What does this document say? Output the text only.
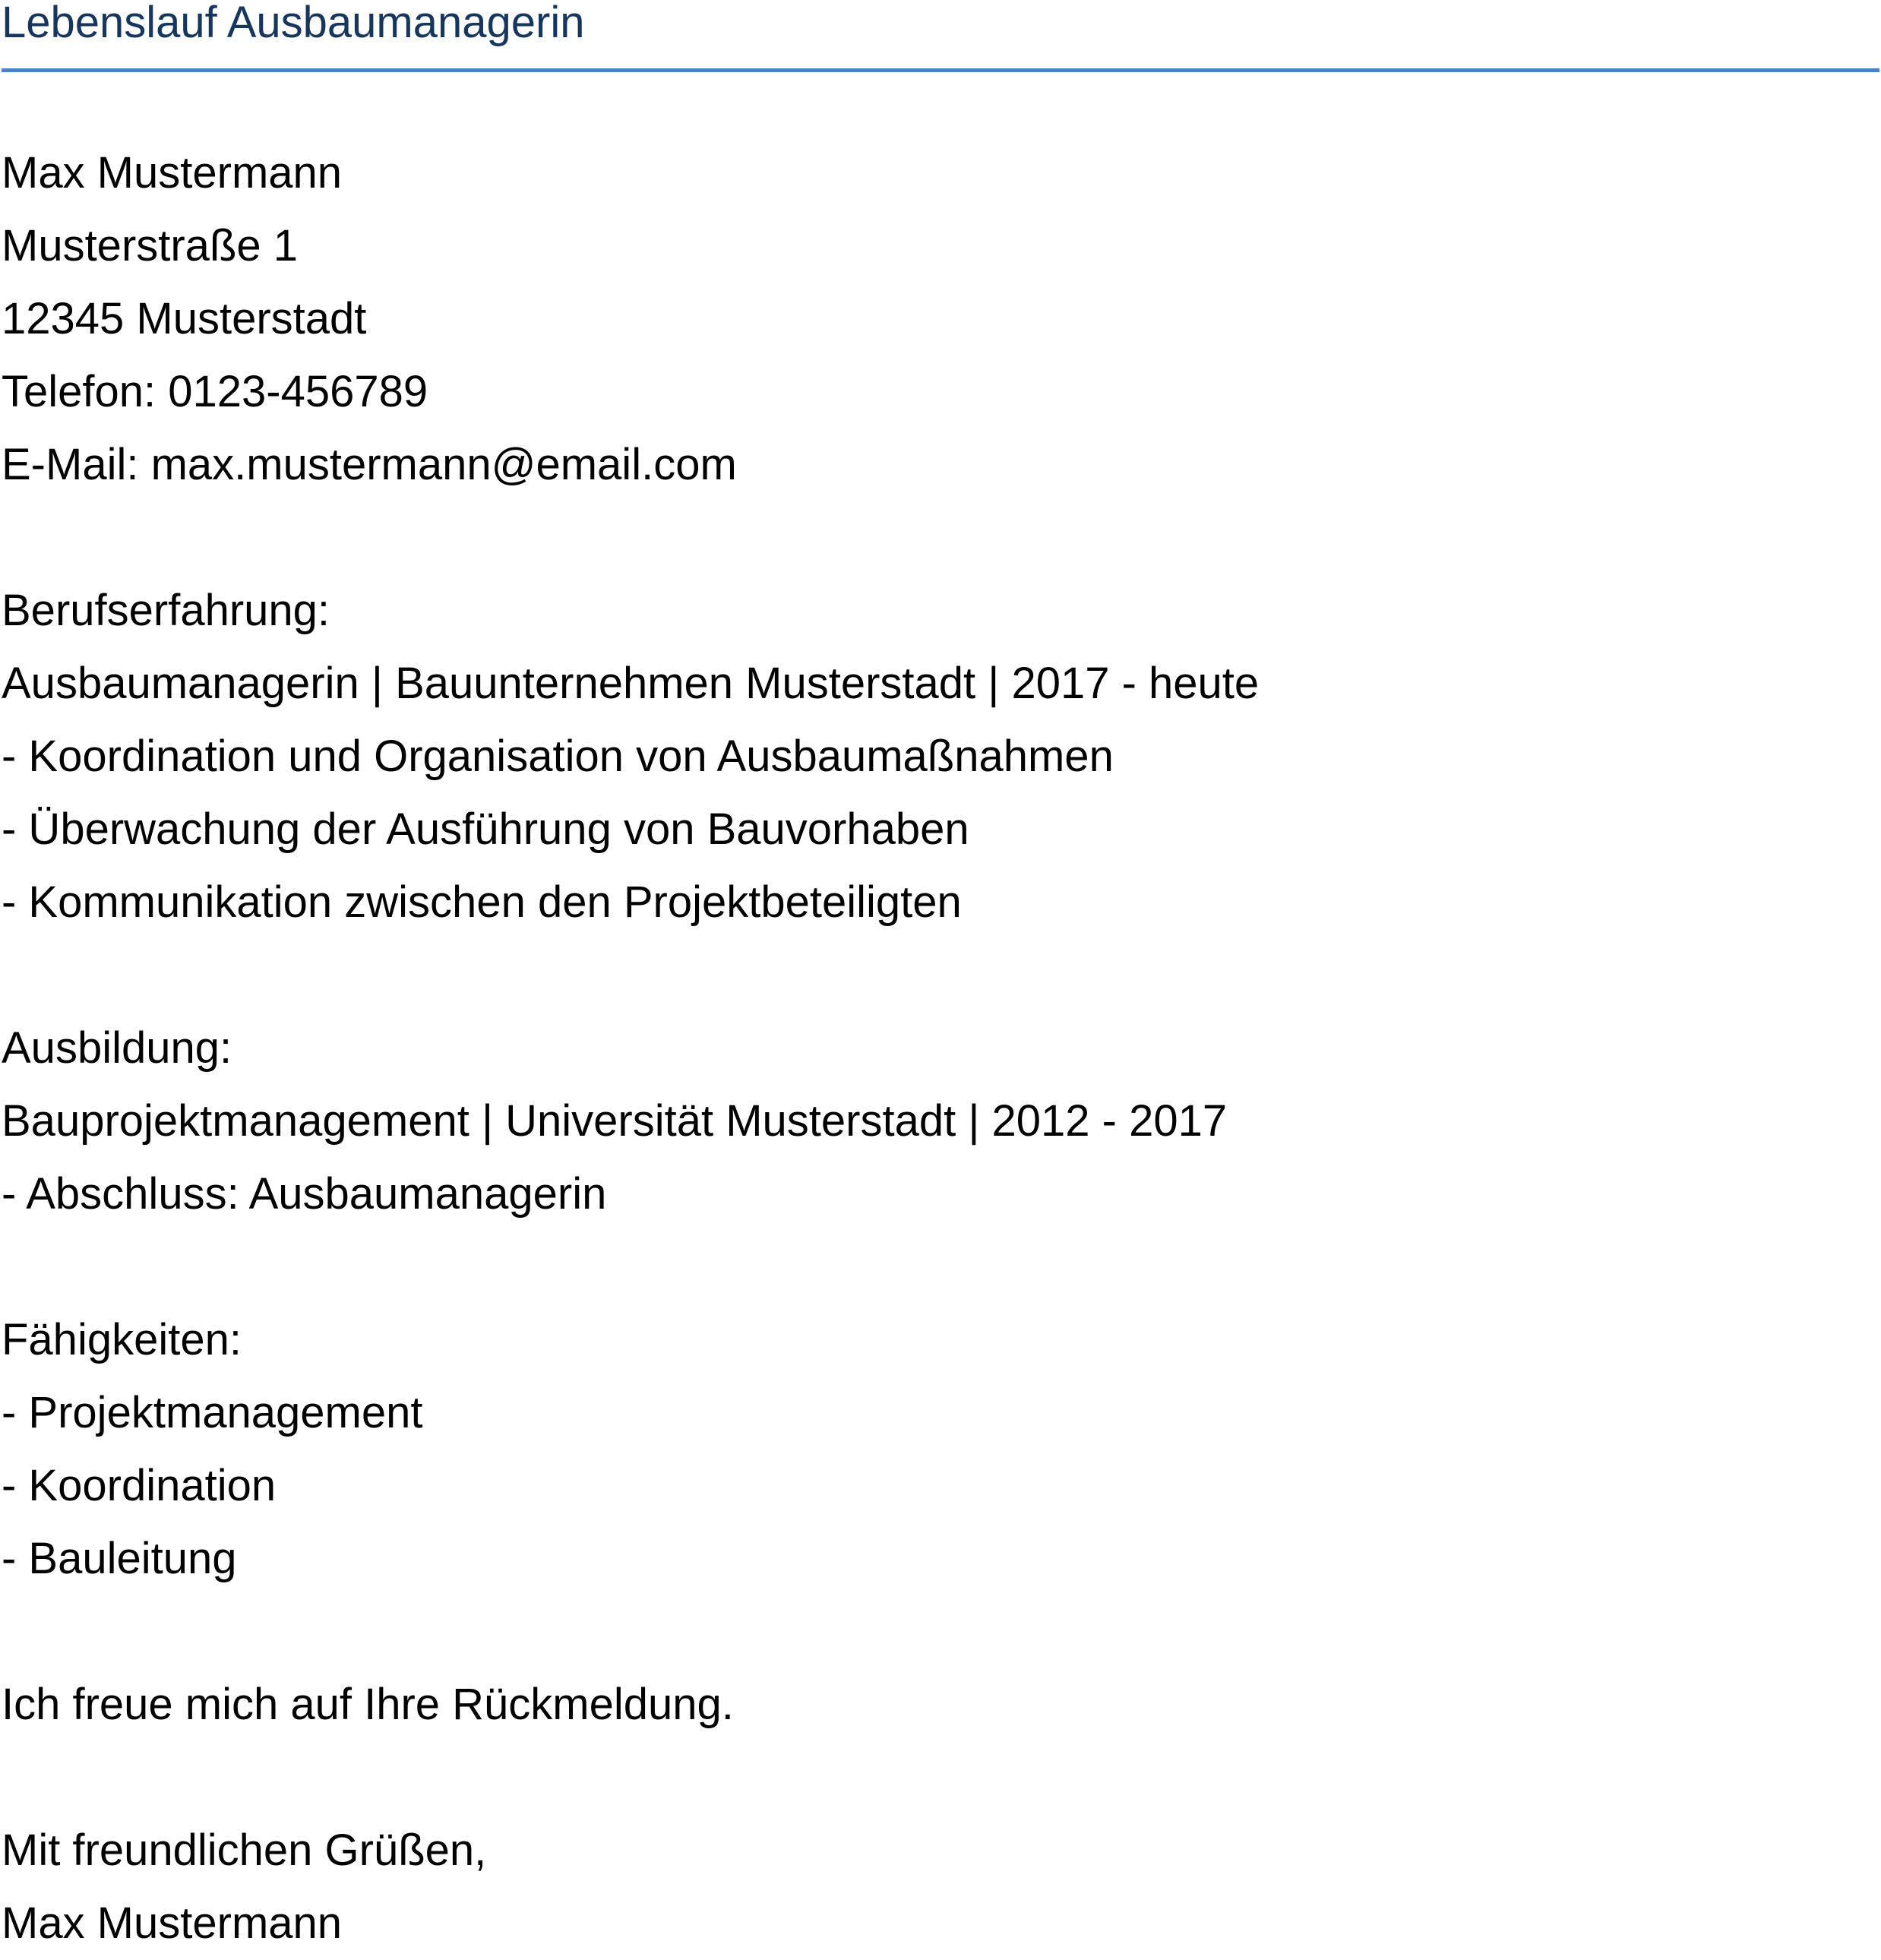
Lebenslauf Ausbaumanagerin
Max Mustermann
Musterstraße 1
12345 Musterstadt
Telefon: 0123-456789
E-Mail: max.mustermann@email.com
Berufserfahrung:
Ausbaumanagerin | Bauunternehmen Musterstadt | 2017 - heute
- Koordination und Organisation von Ausbaumaßnahmen
- Überwachung der Ausführung von Bauvorhaben
- Kommunikation zwischen den Projektbeteiligten
Ausbildung:
Bauprojektmanagement | Universität Musterstadt | 2012 - 2017
- Abschluss: Ausbaumanagerin
Fähigkeiten:
- Projektmanagement
- Koordination
- Bauleitung
Ich freue mich auf Ihre Rückmeldung.
Mit freundlichen Grüßen,
Max Mustermann
